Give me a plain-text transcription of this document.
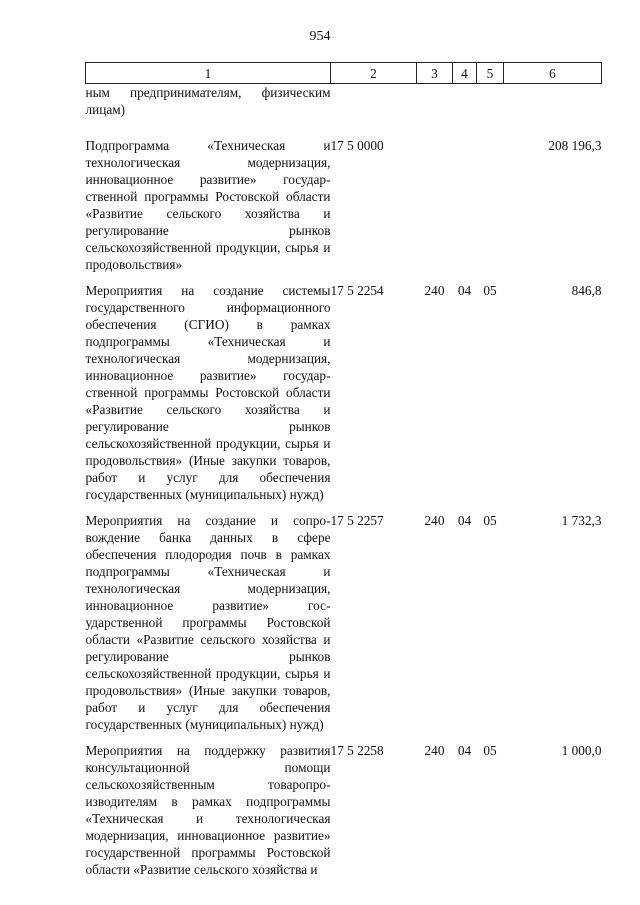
954
1	2	3	4	5	6

ным предпринимателям, физическим лицам)					

Подпрограмма «Техническая и технологическая модернизация, инновационное развитие» государственной программы Ростовской области «Развитие сельского хозяйства и регулирование рынков сельскохозяйственной продукции, сырья и продовольствия»	17 5 0000				208 196,3

Мероприятия на создание системы государственного информационного обеспечения (СГИО) в рамках подпрограммы «Техническая и технологическая модернизация, инновационное развитие» государственной программы Ростовской области «Развитие сельского хозяйства и регулирование рынков сельскохозяйственной продукции, сырья и продовольствия» (Иные закупки товаров, работ и услуг для обеспечения государственных (муниципальных) нужд)	17 5 2254	240	04	05	846,8

Мероприятия на создание и сопровождение банка данных в сфере обеспечения плодородия почв в рамках подпрограммы «Техническая и технологическая модернизация, инновационное развитие» государственной программы Ростовской области «Развитие сельского хозяйства и регулирование рынков сельскохозяйственной продукции, сырья и продовольствия» (Иные закупки товаров, работ и услуг для обеспечения государственных (муниципальных) нужд)	17 5 2257	240	04	05	1 732,3

Мероприятия на поддержку развития консультационной помощи сельскохозяйственным товаропроизводителям в рамках подпрограммы «Техническая и технологическая модернизация, инновационное развитие» государственной программы Ростовской области «Развитие сельского хозяйства и	17 5 2258	240	04	05	1 000,0
